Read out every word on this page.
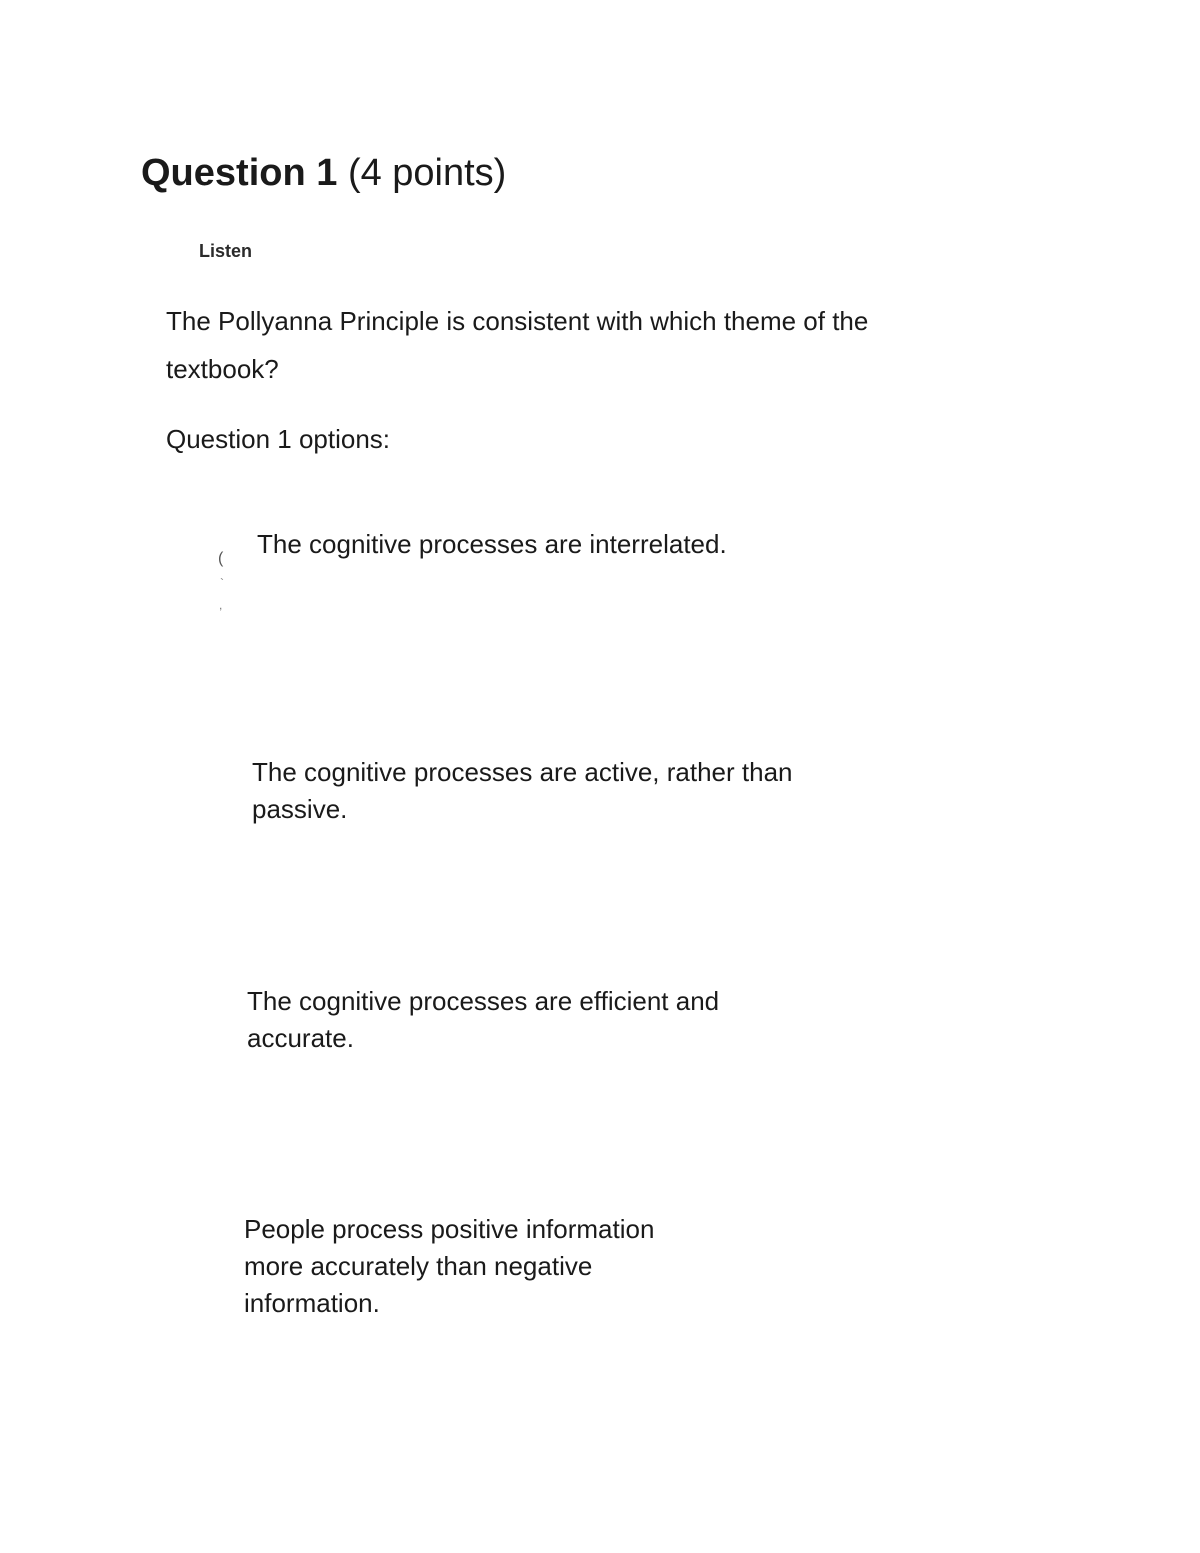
Question 1 (4 points)
Listen
The Pollyanna Principle is consistent with which theme of the textbook?
Question 1 options:
(
`
,
The cognitive processes are interrelated.
The cognitive processes are active, rather than passive.
The cognitive processes are efficient and accurate.
People process positive information more accurately than negative information.
